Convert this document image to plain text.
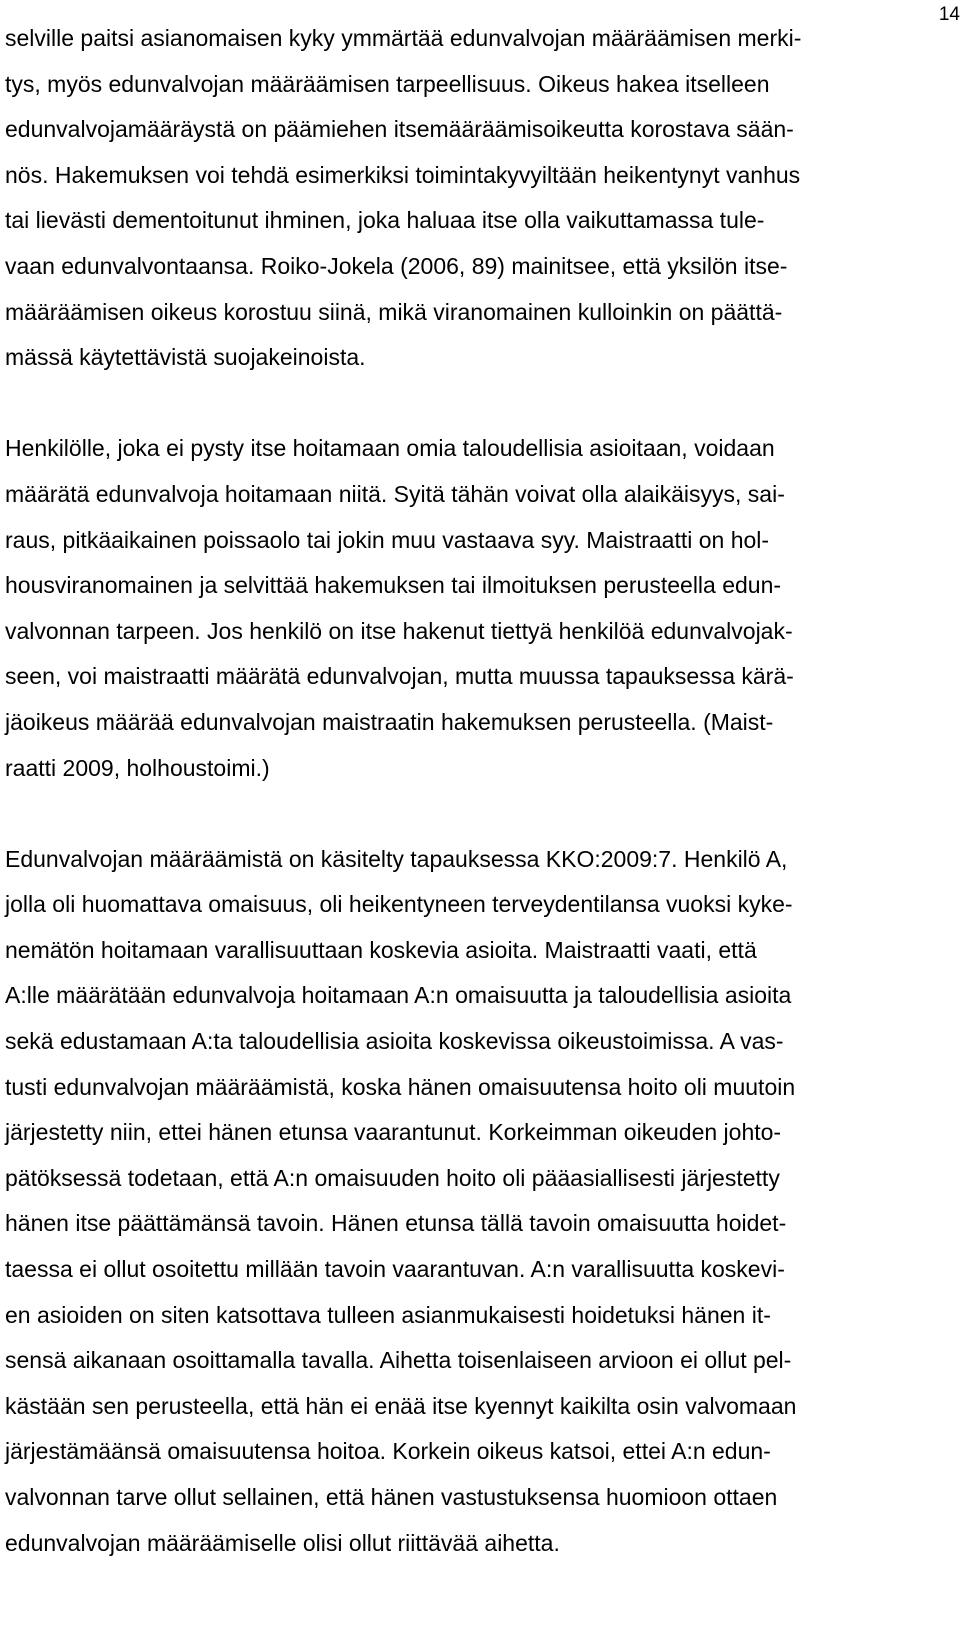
14
selville paitsi asianomaisen kyky ymmärtää edunvalvojan määräämisen merki-
tys, myös edunvalvojan määräämisen tarpeellisuus. Oikeus hakea itselleen
edunvalvojamääräystä on päämiehen itsemääräämisoikeutta korostava sään-
nös. Hakemuksen voi tehdä esimerkiksi toimintakyvyiltään heikentynyt vanhus
tai lievästi dementoitunut ihminen, joka haluaa itse olla vaikuttamassa tule-
vaan edunvalvontaansa. Roiko-Jokela (2006, 89) mainitsee, että yksilön itse-
määräämisen oikeus korostuu siinä, mikä viranomainen kulloinkin on päättä-
mässä käytettävistä suojakeinoista.
Henkilölle, joka ei pysty itse hoitamaan omia taloudellisia asioitaan, voidaan
määrätä edunvalvoja hoitamaan niitä. Syitä tähän voivat olla alaikäisyys, sai-
raus, pitkäaikainen poissaolo tai jokin muu vastaava syy. Maistraatti on hol-
housviranomainen ja selvittää hakemuksen tai ilmoituksen perusteella edun-
valvonnan tarpeen. Jos henkilö on itse hakenut tiettyä henkilöä edunvalvojak-
seen, voi maistraatti määrätä edunvalvojan, mutta muussa tapauksessa kärä-
jäoikeus määrää edunvalvojan maistraatin hakemuksen perusteella. (Maist-
raatti 2009, holhoustoimi.)
Edunvalvojan määräämistä on käsitelty tapauksessa KKO:2009:7. Henkilö A,
jolla oli huomattava omaisuus, oli heikentyneen terveydentilansa vuoksi kyke-
nemätön hoitamaan varallisuuttaan koskevia asioita. Maistraatti vaati, että
A:lle määrätään edunvalvoja hoitamaan A:n omaisuutta ja taloudellisia asioita
sekä edustamaan A:ta taloudellisia asioita koskevissa oikeustoimissa. A vas-
tusti edunvalvojan määräämistä, koska hänen omaisuutensa hoito oli muutoin
järjestetty niin, ettei hänen etunsa vaarantunut. Korkeimman oikeuden johto-
pätöksessä todetaan, että A:n omaisuuden hoito oli pääasiallisesti järjestetty
hänen itse päättämänsä tavoin. Hänen etunsa tällä tavoin omaisuutta hoidet-
taessa ei ollut osoitettu millään tavoin vaarantuvan. A:n varallisuutta koskevi-
en asioiden on siten katsottava tulleen asianmukaisesti hoidetuksi hänen it-
sensä aikanaan osoittamalla tavalla. Aihetta toisenlaiseen arvioon ei ollut pel-
kästään sen perusteella, että hän ei enää itse kyennyt kaikilta osin valvomaan
järjestämäänsä omaisuutensa hoitoa. Korkein oikeus katsoi, ettei A:n edun-
valvonnan tarve ollut sellainen, että hänen vastustuksensa huomioon ottaen
edunvalvojan määräämiselle olisi ollut riittävää aihetta.
